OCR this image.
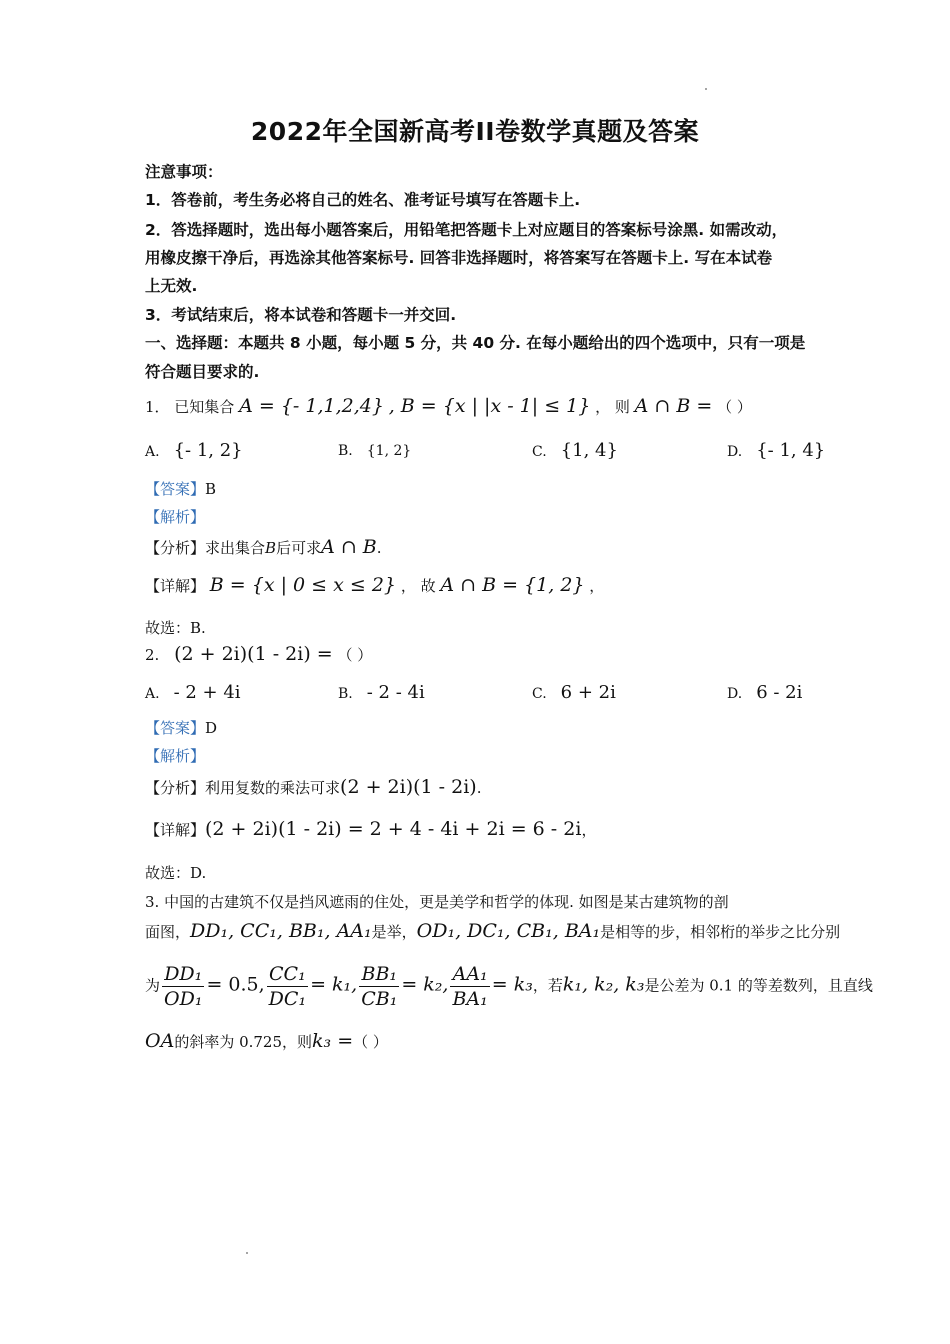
2022年全国新高考II卷数学真题及答案
注意事项：
1．答卷前，考生务必将自己的姓名、准考证号填写在答题卡上.
2．答选择题时，选出每小题答案后，用铅笔把答题卡上对应题目的答案标号涂黑. 如需改动，
用橡皮擦干净后，再选涂其他答案标号. 回答非选择题时，将答案写在答题卡上. 写在本试卷
上无效.
3．考试结束后，将本试卷和答题卡一并交回.
一、选择题：本题共 8 小题，每小题 5 分，共 40 分. 在每小题给出的四个选项中，只有一项是
符合题目要求的.
1． 已知集合 A = {- 1,1,2,4} , B = {x | |x - 1| ≤ 1} ， 则 A ∩ B = （ ）
A. {- 1, 2}	B. {1, 2}	C. {1, 4}	D. {- 1, 4}
【答案】B
【解析】
【分析】求出集合B后可求A ∩ B.
【详解】 B = {x | 0 ≤ x ≤ 2} ， 故 A ∩ B = {1, 2} ，
故选：B.
2. (2 + 2i)(1 - 2i) = （ ）
A. - 2 + 4i	B. - 2 - 4i	C. 6 + 2i	D. 6 - 2i
【答案】D
【解析】
【分析】利用复数的乘法可求(2 + 2i)(1 - 2i).
【详解】(2 + 2i)(1 - 2i) = 2 + 4 - 4i + 2i = 6 - 2i，
故选：D.
3. 中国的古建筑不仅是挡风遮雨的住处，更是美学和哲学的体现. 如图是某古建筑物的剖
面图，DD₁, CC₁, BB₁, AA₁是举，OD₁, DC₁, CB₁, BA₁是相等的步，相邻桁的举步之比分别
为 $\frac{\text{DD₁}}{\text{OD₁}} = 0.5$, $\frac{\text{CC₁}}{\text{DC₁}} = k_1$, $\frac{\text{BB₁}}{\text{CB₁}} = k_2$, $\frac{\text{AA₁}}{\text{BA₁}} = k_3$，若k₁, k₂, k₃是公差为 0.1 的等差数列，且直线
OA的斜率为 0.725，则k₃ =（ ）
